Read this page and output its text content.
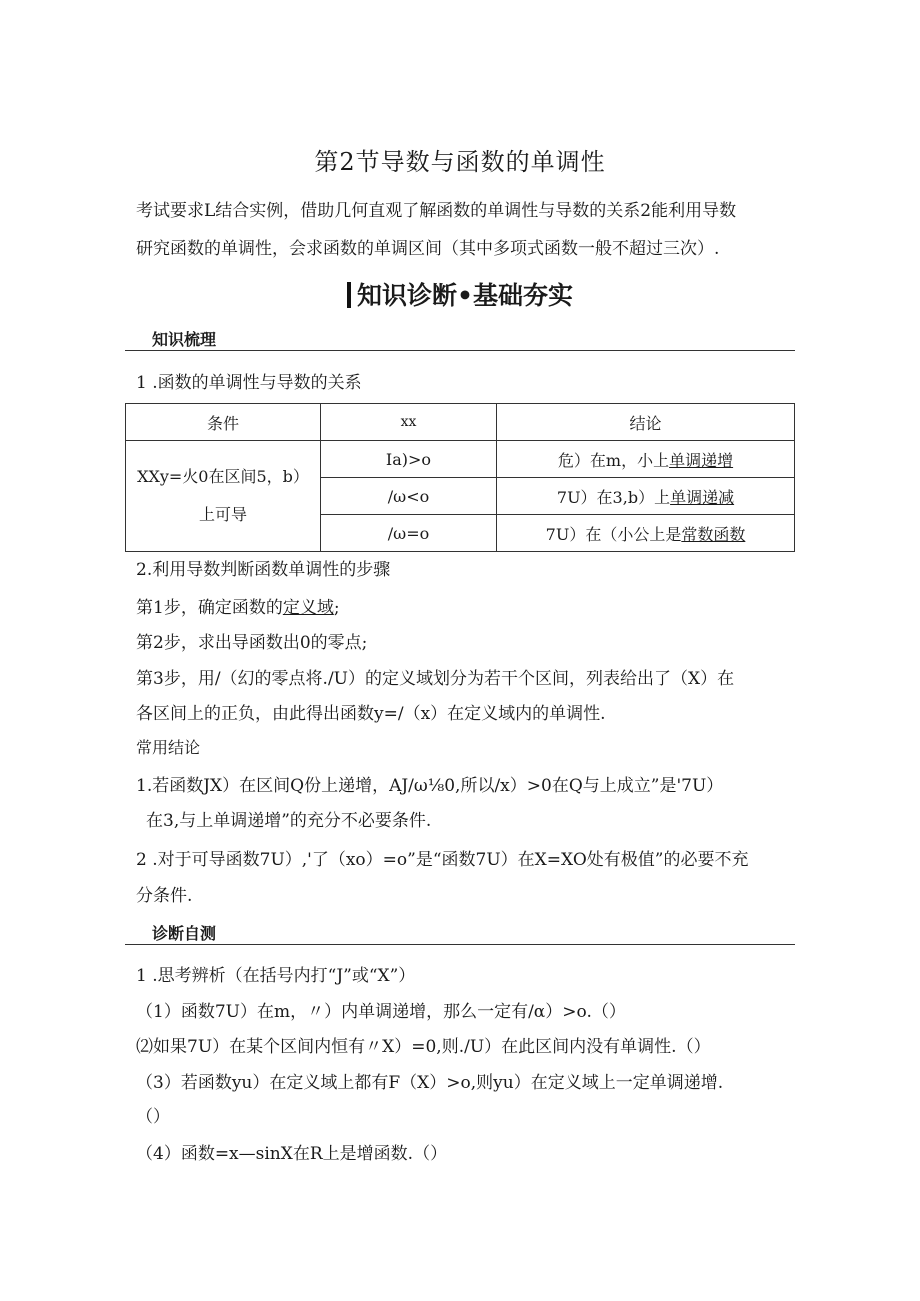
第2节导数与函数的单调性
考试要求L结合实例，借助几何直观了解函数的单调性与导数的关系2能利用导数
研究函数的单调性，会求函数的单调区间（其中多项式函数一般不超过三次）.
知识诊断•基础夯实
知识梳理
1 .函数的单调性与导数的关系
条件	xx	结论

XXy=火0在区间5，b）
上可导	Ia)>o	危）在m，小上单调递增
	/ω<o	7U）在3,b）上单调递减
	/ω=o	7U）在（小公上是常数函数
2.利用导数判断函数单调性的步骤
第1步，确定函数的定义域;
第2步，求出导函数出0的零点;
第3步，用/（幻的零点将./U）的定义域划分为若干个区间，列表给出了（X）在
各区间上的正负，由此得出函数y=/（x）在定义域内的单调性.
常用结论
1.若函数JX）在区间Q份上递增，AJ/ω⅛0,所以/x）>0在Q与上成立”是'7U）
在3,与上单调递增”的充分不必要条件.
2 .对于可导函数7U）,'了（xo）=o”是“函数7U）在X=XO处有极值”的必要不充
分条件.
诊断自测
1 .思考辨析（在括号内打“J”或“X”）
（1）函数7U）在m，〃）内单调递增，那么一定有/α）>o.（）
⑵如果7U）在某个区间内恒有〃X）=0,则./U）在此区间内没有单调性.（）
（3）若函数yu）在定义域上都有F（X）>o,则yu）在定义域上一定单调递增.
（）
（4）函数=x—sinX在R上是增函数.（）
